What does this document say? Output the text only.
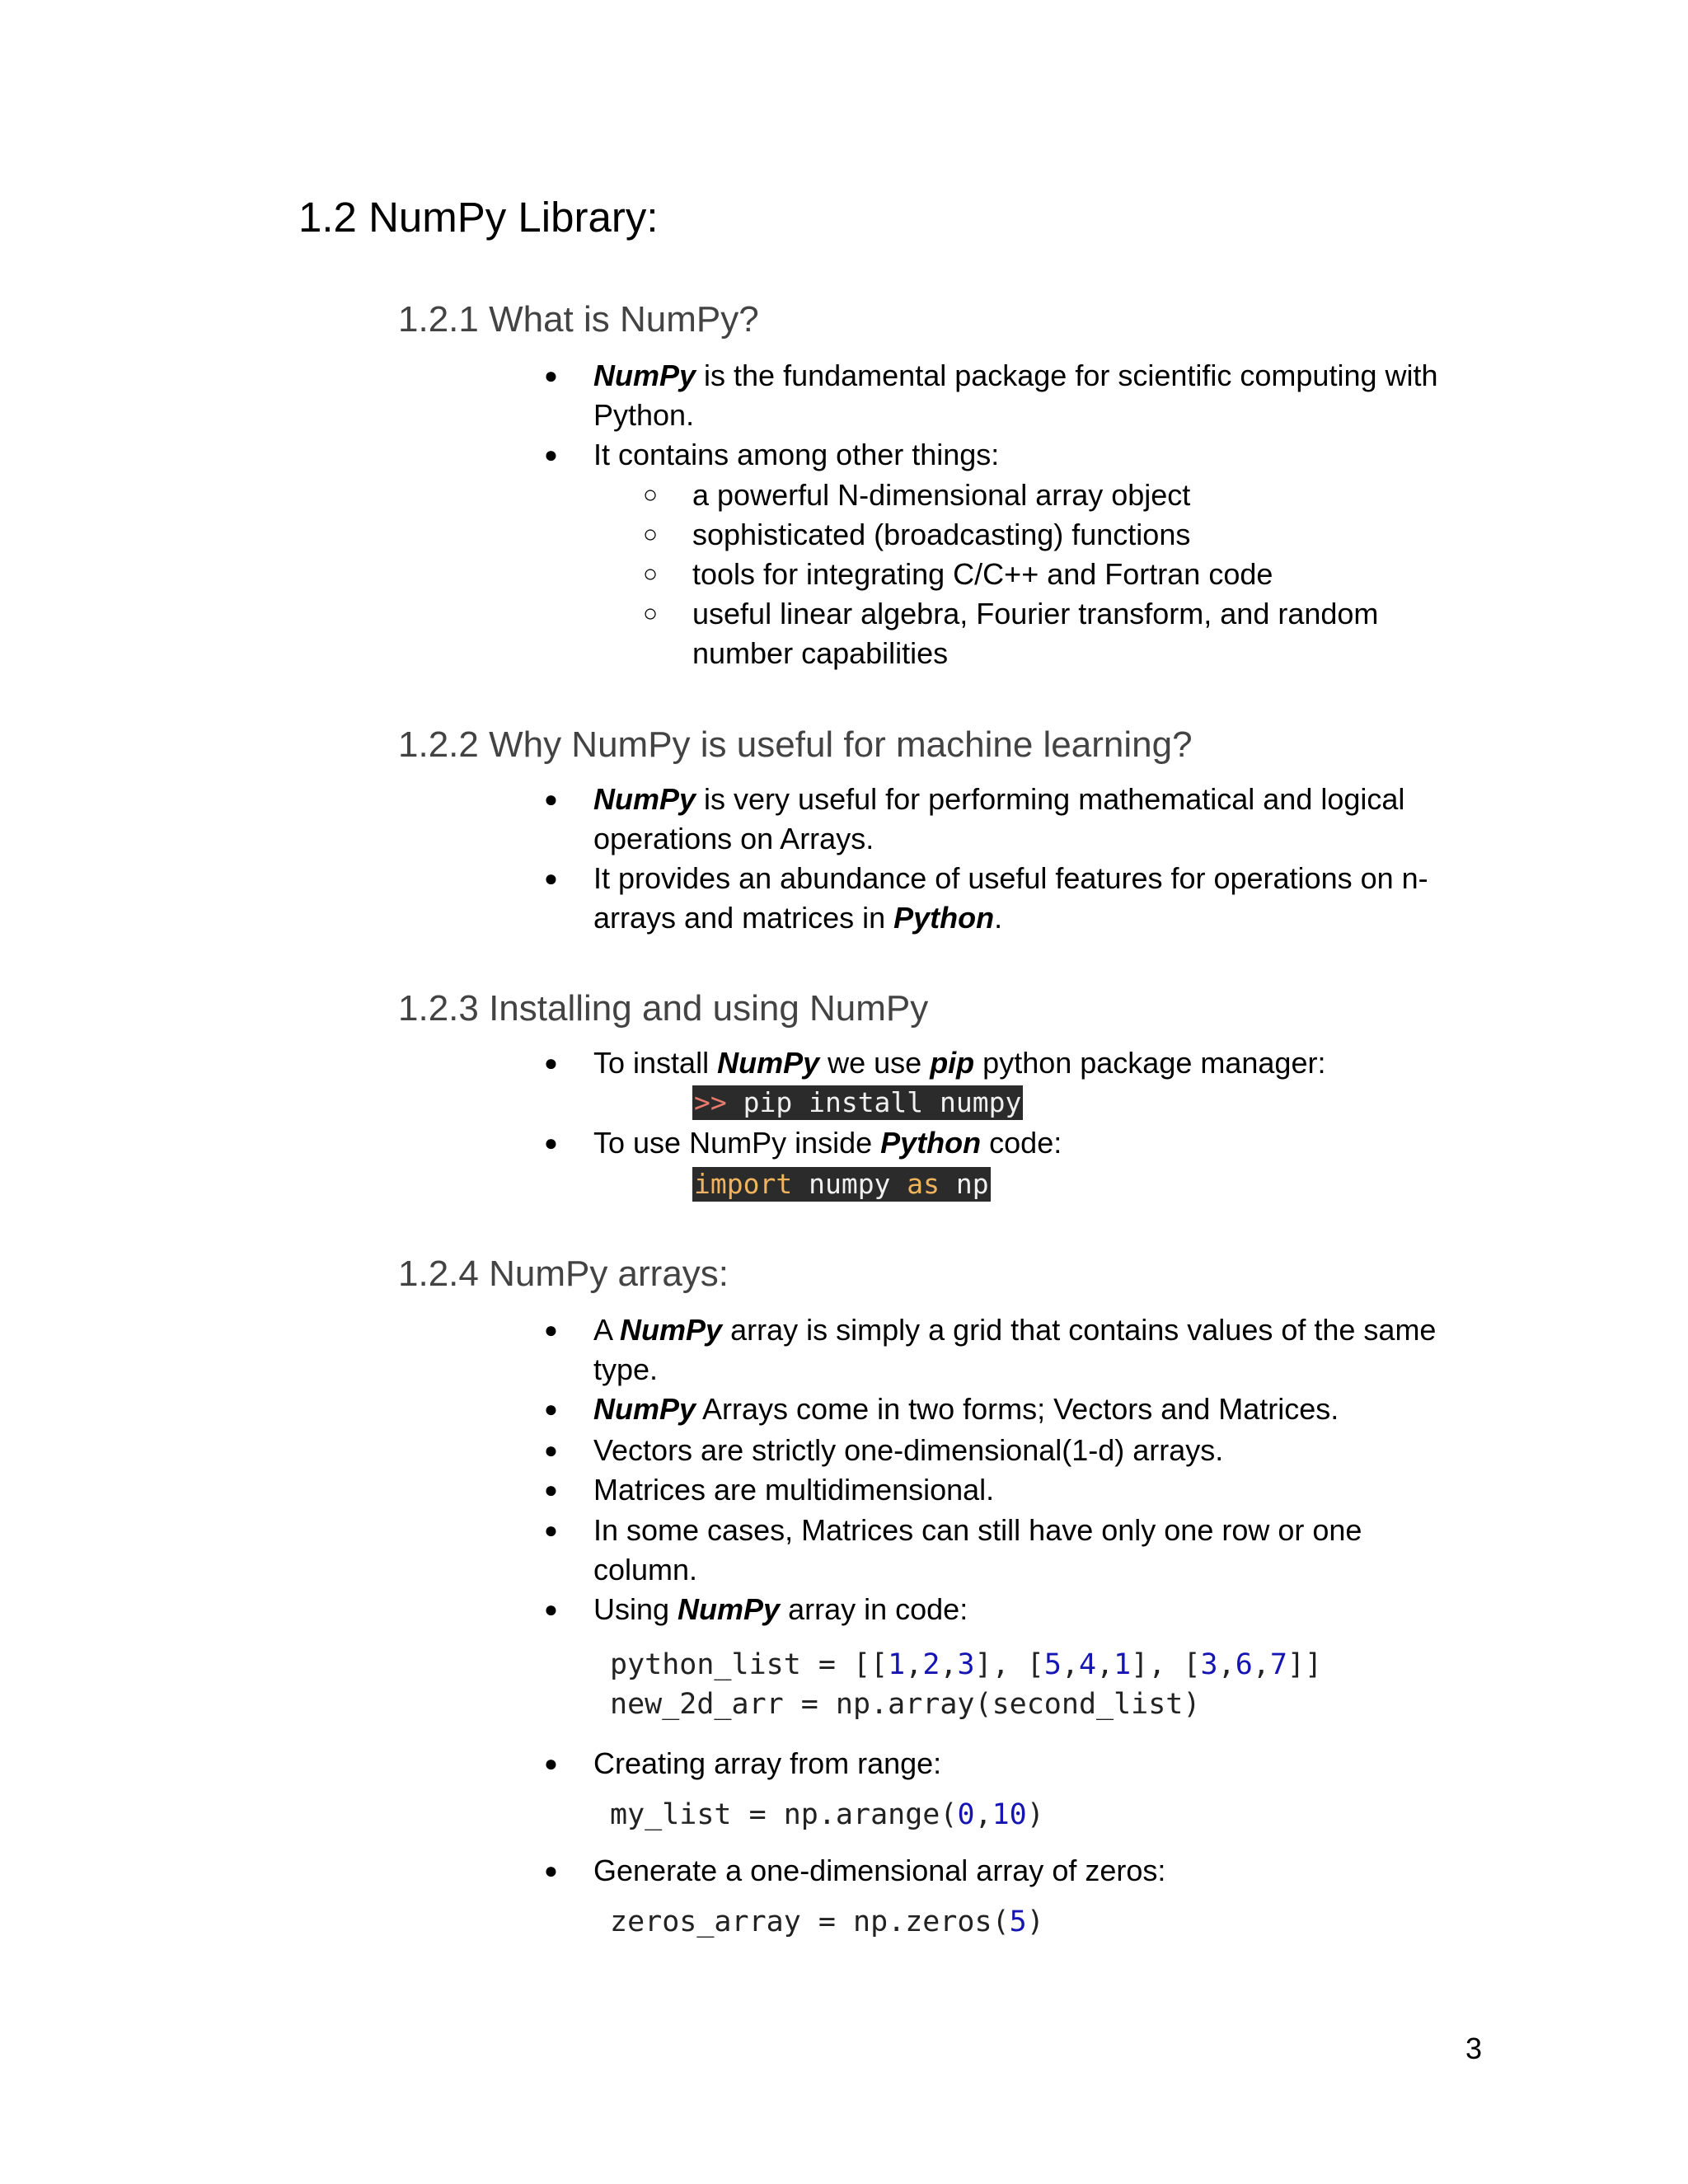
1.2 NumPy Library:
1.2.1 What is NumPy?
● NumPy is the fundamental package for scientific computing with Python.
● It contains among other things:
○ a powerful N-dimensional array object
○ sophisticated (broadcasting) functions
○ tools for integrating C/C++ and Fortran code
○ useful linear algebra, Fourier transform, and random number capabilities
1.2.2 Why NumPy is useful for machine learning?
● NumPy is very useful for performing mathematical and logical operations on Arrays.
● It provides an abundance of useful features for operations on n-arrays and matrices in Python.
1.2.3 Installing and using NumPy
● To install NumPy we use pip python package manager:
>> pip install numpy
● To use NumPy inside Python code:
import numpy as np
1.2.4 NumPy arrays:
● A NumPy array is simply a grid that contains values of the same type.
● NumPy Arrays come in two forms; Vectors and Matrices.
● Vectors are strictly one-dimensional(1-d) arrays.
● Matrices are multidimensional.
● In some cases, Matrices can still have only one row or one column.
● Using NumPy array in code:
python_list = [[1,2,3], [5,4,1], [3,6,7]]
new_2d_arr = np.array(second_list)
● Creating array from range:
my_list = np.arange(0,10)
● Generate a one-dimensional array of zeros:
zeros_array = np.zeros(5)
3
